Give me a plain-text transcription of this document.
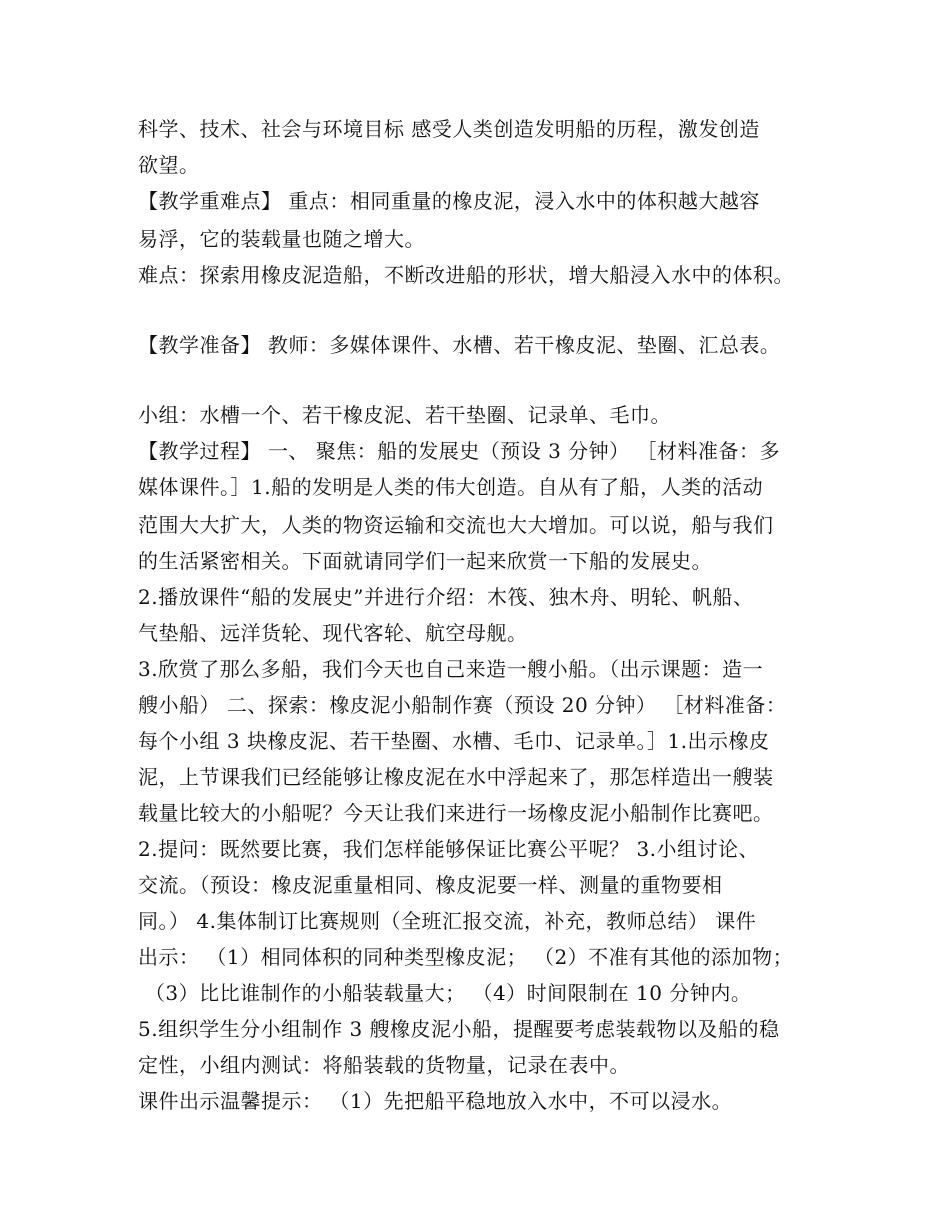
科学、技术、社会与环境目标 感受人类创造发明船的历程，激发创造
欲望。
【教学重难点】 重点：相同重量的橡皮泥，浸入水中的体积越大越容
易浮，它的装载量也随之增大。
难点：探索用橡皮泥造船，不断改进船的形状，增大船浸入水中的体积。
【教学准备】 教师：多媒体课件、水槽、若干橡皮泥、垫圈、汇总表。
小组：水槽一个、若干橡皮泥、若干垫圈、记录单、毛巾。
【教学过程】 一、 聚焦：船的发展史（预设 3 分钟） ［材料准备：多
媒体课件。］1.船的发明是人类的伟大创造。自从有了船，人类的活动
范围大大扩大，人类的物资运输和交流也大大增加。可以说，船与我们
的生活紧密相关。下面就请同学们一起来欣赏一下船的发展史。
2.播放课件“船的发展史”并进行介绍：木筏、独木舟、明轮、帆船、
气垫船、远洋货轮、现代客轮、航空母舰。
3.欣赏了那么多船，我们今天也自己来造一艘小船。（出示课题：造一
艘小船） 二、探索：橡皮泥小船制作赛（预设 20 分钟） ［材料准备：
每个小组 3 块橡皮泥、若干垫圈、水槽、毛巾、记录单。］1.出示橡皮
泥，上节课我们已经能够让橡皮泥在水中浮起来了，那怎样造出一艘装
载量比较大的小船呢？今天让我们来进行一场橡皮泥小船制作比赛吧。
2.提问：既然要比赛，我们怎样能够保证比赛公平呢？ 3.小组讨论、
交流。（预设：橡皮泥重量相同、橡皮泥要一样、测量的重物要相
同。） 4.集体制订比赛规则（全班汇报交流，补充，教师总结） 课件
出示： （1）相同体积的同种类型橡皮泥； （2）不准有其他的添加物；
（3）比比谁制作的小船装载量大； （4）时间限制在 10 分钟内。
5.组织学生分小组制作 3 艘橡皮泥小船，提醒要考虑装载物以及船的稳
定性，小组内测试：将船装载的货物量，记录在表中。
课件出示温馨提示： （1）先把船平稳地放入水中，不可以浸水。
